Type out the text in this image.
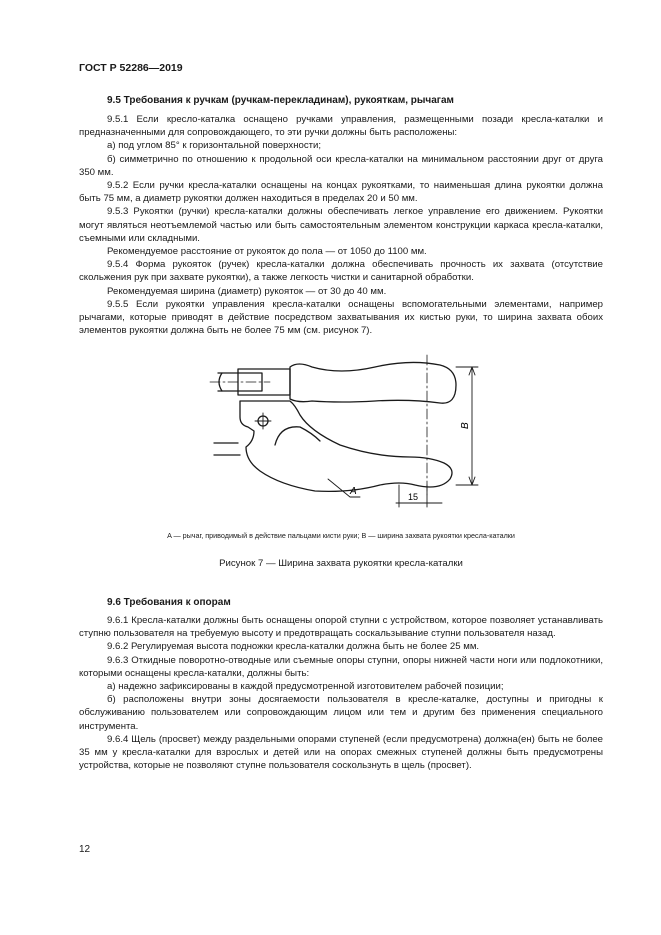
ГОСТ Р 52286—2019
9.5 Требования к ручкам (ручкам-перекладинам), рукояткам, рычагам

9.5.1 Если кресло-каталка оснащено ручками управления, размещенными позади кресла-каталки и предназначенными для сопровождающего, то эти ручки должны быть расположены:

а) под углом 85° к горизонтальной поверхности;

б) симметрично по отношению к продольной оси кресла-каталки на минимальном расстоянии друг от друга 350 мм.

9.5.2 Если ручки кресла-каталки оснащены на концах рукоятками, то наименьшая длина рукоятки должна быть 75 мм, а диаметр рукоятки должен находиться в пределах 20 и 50 мм.

9.5.3 Рукоятки (ручки) кресла-каталки должны обеспечивать легкое управление его движением. Рукоятки могут являться неотъемлемой частью или быть самостоятельным элементом конструкции каркаса кресла-каталки, съемными или складными.

Рекомендуемое расстояние от рукояток до пола — от 1050 до 1100 мм.

9.5.4 Форма рукояток (ручек) кресла-каталки должна обеспечивать прочность их захвата (отсутствие скольжения рук при захвате рукоятки), а также легкость чистки и санитарной обработки.

Рекомендуемая ширина (диаметр) рукояток — от 30 до 40 мм.

9.5.5 Если рукоятки управления кресла-каталки оснащены вспомогательными элементами, например рычагами, которые приводят в действие посредством захватывания их кистью руки, то ширина захвата обоих элементов рукоятки должна быть не более 75 мм (см. рисунок 7).

B
15
A
A — рычаг, приводимый в действие пальцами кисти руки; B — ширина захвата рукоятки кресла-каталки
Рисунок 7 — Ширина захвата рукоятки кресла-каталки
9.6 Требования к опорам

9.6.1 Кресла-каталки должны быть оснащены опорой ступни с устройством, которое позволяет устанавливать ступню пользователя на требуемую высоту и предотвращать соскальзывание ступни пользователя назад.

9.6.2 Регулируемая высота подножки кресла-каталки должна быть не более 25 мм.

9.6.3 Откидные поворотно-отводные или съемные опоры ступни, опоры нижней части ноги или подлокотники, которыми оснащены кресла-каталки, должны быть:

а) надежно зафиксированы в каждой предусмотренной изготовителем рабочей позиции;

б) расположены внутри зоны досягаемости пользователя в кресле-каталке, доступны и пригодны к обслуживанию пользователем или сопровождающим лицом или тем и другим без применения специального инструмента.

9.6.4 Щель (просвет) между раздельными опорами ступеней (если предусмотрена) должна(ен) быть не более 35 мм у кресла-каталки для взрослых и детей или на опорах смежных ступеней должны быть предусмотрены устройства, которые не позволяют ступне пользователя соскользнуть в щель (просвет).

12
